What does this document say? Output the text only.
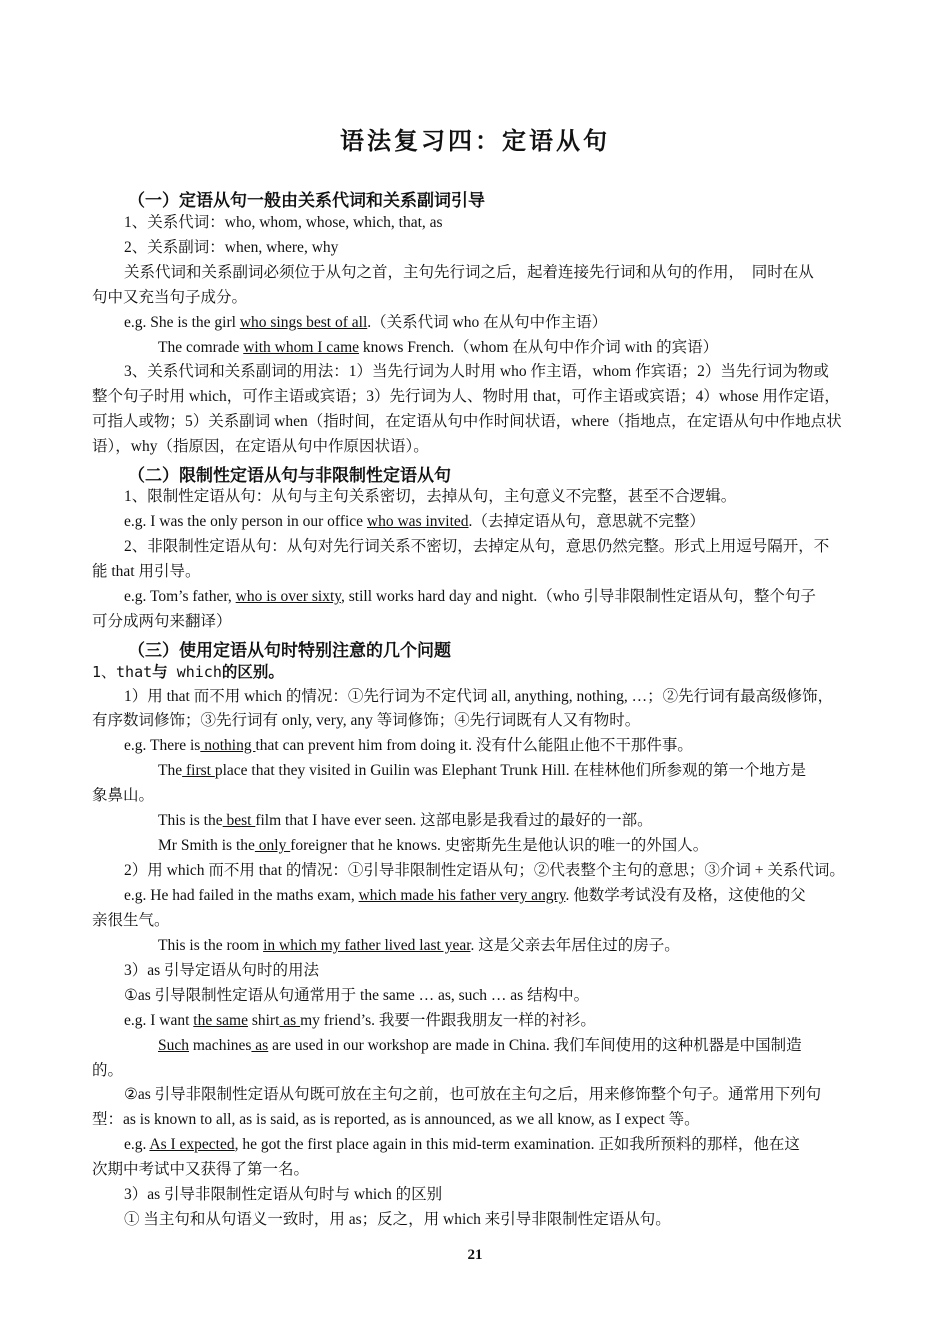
语法复习四：定语从句
（一）定语从句一般由关系代词和关系副词引导
1、关系代词：who, whom, whose, which, that, as
2、关系副词：when, where, why
关系代词和关系副词必须位于从句之首，主句先行词之后，起着连接先行词和从句的作用，　同时在从
句中又充当句子成分。
e.g. She is the girl who sings best of all.（关系代词 who 在从句中作主语）
The comrade with whom I came knows French.（whom 在从句中作介词 with 的宾语）
3、关系代词和关系副词的用法：1）当先行词为人时用 who 作主语，whom 作宾语；2）当先行词为物或
整个句子时用 which，可作主语或宾语；3）先行词为人、物时用 that，可作主语或宾语；4）whose 用作定语，
可指人或物；5）关系副词 when（指时间，在定语从句中作时间状语，where（指地点，在定语从句中作地点状
语），why（指原因，在定语从句中作原因状语）。
（二）限制性定语从句与非限制性定语从句
1、限制性定语从句：从句与主句关系密切，去掉从句，主句意义不完整，甚至不合逻辑。
e.g. I was the only person in our office who was invited.（去掉定语从句，意思就不完整）
2、非限制性定语从句：从句对先行词关系不密切，去掉定从句，意思仍然完整。形式上用逗号隔开，不
能 that 用引导。
e.g. Tom’s father, who is over sixty, still works hard day and night.（who 引导非限制性定语从句，整个句子
可分成两句来翻译）
（三）使用定语从句时特别注意的几个问题
1、that与 which的区别。
1）用 that 而不用 which 的情况：①先行词为不定代词 all, anything, nothing, …；②先行词有最高级修饰，
有序数词修饰；③先行词有 only, very, any 等词修饰；④先行词既有人又有物时。
e.g. There is nothing that can prevent him from doing it. 没有什么能阻止他不干那件事。
The first place that they visited in Guilin was Elephant Trunk Hill. 在桂林他们所参观的第一个地方是
象鼻山。
This is the best film that I have ever seen. 这部电影是我看过的最好的一部。
Mr Smith is the only foreigner that he knows. 史密斯先生是他认识的唯一的外国人。
2）用 which 而不用 that 的情况：①引导非限制性定语从句；②代表整个主句的意思；③介词 + 关系代词。
e.g. He had failed in the maths exam, which made his father very angry. 他数学考试没有及格，这使他的父
亲很生气。
This is the room in which my father lived last year. 这是父亲去年居住过的房子。
3）as 引导定语从句时的用法
①as 引导限制性定语从句通常用于 the same … as, such … as 结构中。
e.g. I want the same shirt as my friend’s. 我要一件跟我朋友一样的衬衫。
Such machines as are used in our workshop are made in China. 我们车间使用的这种机器是中国制造
的。
②as 引导非限制性定语从句既可放在主句之前，也可放在主句之后，用来修饰整个句子。通常用下列句
型：as is known to all, as is said, as is reported, as is announced, as we all know, as I expect 等。
e.g. As I expected, he got the first place again in this mid-term examination. 正如我所预料的那样，他在这
次期中考试中又获得了第一名。
3）as 引导非限制性定语从句时与 which 的区别
① 当主句和从句语义一致时，用 as；反之，用 which 来引导非限制性定语从句。
21
